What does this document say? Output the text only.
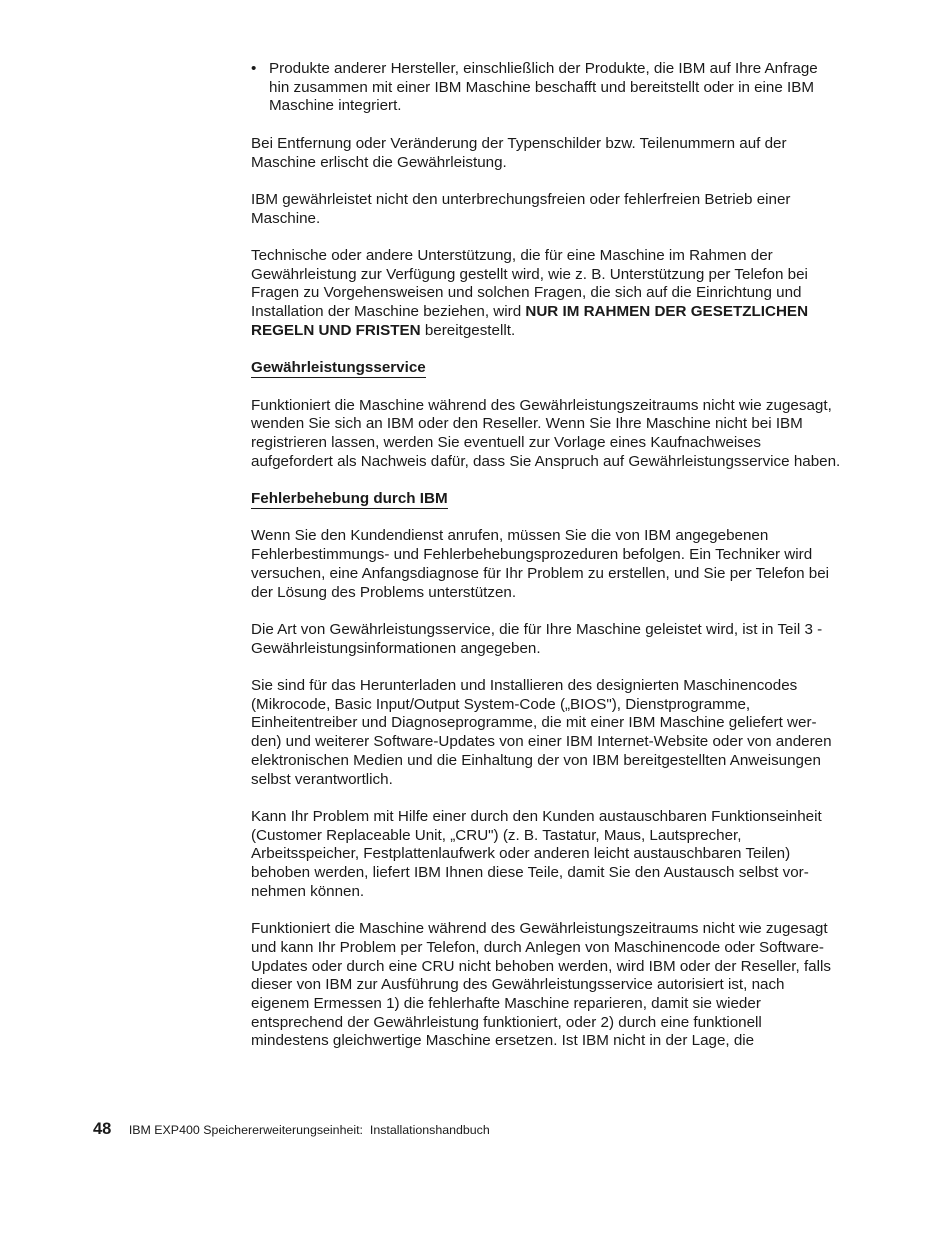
• Produkte anderer Hersteller, einschließlich der Produkte, die IBM auf Ihre Anfrage hin zusammen mit einer IBM Maschine beschafft und bereitstellt oder in eine IBM Maschine integriert.

Bei Entfernung oder Veränderung der Typenschilder bzw. Teilenummern auf der Maschine erlischt die Gewährleistung.

IBM gewährleistet nicht den unterbrechungsfreien oder fehlerfreien Betrieb einer Maschine.

Technische oder andere Unterstützung, die für eine Maschine im Rahmen der Gewährleistung zur Verfügung gestellt wird, wie z. B. Unterstützung per Telefon bei Fragen zu Vorgehensweisen und solchen Fragen, die sich auf die Einrichtung und Installation der Maschine beziehen, wird NUR IM RAHMEN DER GESETZLICHEN REGELN UND FRISTEN bereitgestellt.

Gewährleistungsservice

Funktioniert die Maschine während des Gewährleistungszeitraums nicht wie zugesagt, wenden Sie sich an IBM oder den Reseller. Wenn Sie Ihre Maschine nicht bei IBM registrieren lassen, werden Sie eventuell zur Vorlage eines Kaufnachweises aufgefordert als Nachweis dafür, dass Sie Anspruch auf Gewährleistungsservice haben.

Fehlerbehebung durch IBM

Wenn Sie den Kundendienst anrufen, müssen Sie die von IBM angegebenen Fehlerbestimmungs- und Fehlerbehebungsprozeduren befolgen. Ein Techniker wird versuchen, eine Anfangsdiagnose für Ihr Problem zu erstellen, und Sie per Telefon bei der Lösung des Problems unterstützen.

Die Art von Gewährleistungsservice, die für Ihre Maschine geleistet wird, ist in Teil 3 - Gewährleistungsinformationen angegeben.

Sie sind für das Herunterladen und Installieren des designierten Maschinencodes (Mikrocode, Basic Input/Output System-Code („BIOS"), Dienstprogramme, Einheitentreiber und Diagnoseprogramme, die mit einer IBM Maschine geliefert werden) und weiterer Software-Updates von einer IBM Internet-Website oder von anderen elektronischen Medien und die Einhaltung der von IBM bereitgestellten Anweisungen selbst verantwortlich.

Kann Ihr Problem mit Hilfe einer durch den Kunden austauschbaren Funktionseinheit (Customer Replaceable Unit, „CRU") (z. B. Tastatur, Maus, Lautsprecher, Arbeitsspeicher, Festplattenlaufwerk oder anderen leicht austauschbaren Teilen) behoben werden, liefert IBM Ihnen diese Teile, damit Sie den Austausch selbst vornehmen können.

Funktioniert die Maschine während des Gewährleistungszeitraums nicht wie zugesagt und kann Ihr Problem per Telefon, durch Anlegen von Maschinencode oder Software-Updates oder durch eine CRU nicht behoben werden, wird IBM oder der Reseller, falls dieser von IBM zur Ausführung des Gewährleistungsservice autorisiert ist, nach eigenem Ermessen 1) die fehlerhafte Maschine reparieren, damit sie wieder entsprechend der Gewährleistung funktioniert, oder 2) durch eine funktionell mindestens gleichwertige Maschine ersetzen. Ist IBM nicht in der Lage, die

48 IBM EXP400 Speichererweiterungseinheit: Installationshandbuch
